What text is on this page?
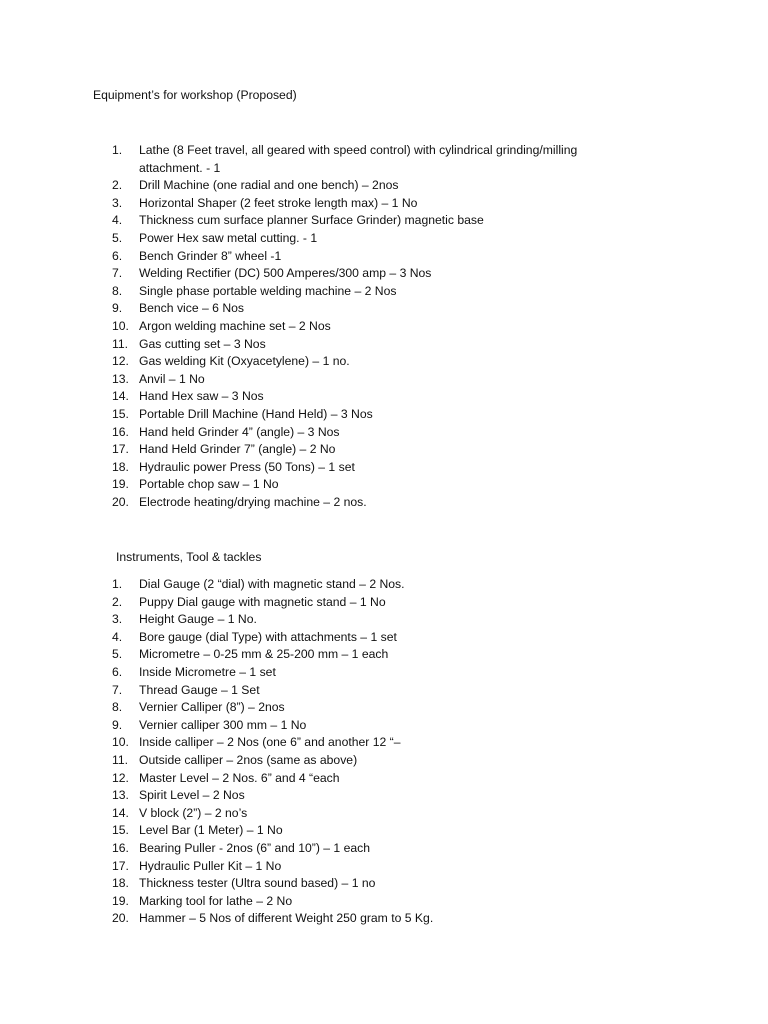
Equipment’s for workshop (Proposed)
1.	Lathe (8 Feet travel, all geared with speed control) with cylindrical grinding/milling attachment. - 1
2.	Drill Machine (one radial and one bench) – 2nos
3.	Horizontal Shaper (2 feet stroke length max) – 1 No
4.	Thickness cum surface planner Surface Grinder) magnetic base
5.	Power Hex saw metal cutting. - 1
6.	Bench Grinder 8” wheel -1
7.	Welding Rectifier (DC) 500 Amperes/300 amp – 3 Nos
8.	Single phase portable welding machine – 2 Nos
9.	Bench vice – 6 Nos
10. Argon welding machine set – 2 Nos
11. Gas cutting set – 3 Nos
12. Gas welding Kit (Oxyacetylene) – 1 no.
13. Anvil – 1 No
14. Hand Hex saw – 3 Nos
15. Portable Drill Machine (Hand Held) – 3 Nos
16. Hand held Grinder 4” (angle) – 3 Nos
17. Hand Held Grinder 7” (angle) – 2 No
18. Hydraulic power Press (50 Tons) – 1 set
19. Portable chop saw – 1 No
20. Electrode heating/drying machine – 2 nos.
Instruments, Tool & tackles
1.	Dial Gauge (2 “dial) with magnetic stand – 2 Nos.
2.	Puppy Dial gauge with magnetic stand – 1 No
3.	Height Gauge – 1 No.
4.	Bore gauge (dial Type) with attachments – 1 set
5.	Micrometre – 0-25 mm & 25-200 mm – 1 each
6.	Inside Micrometre – 1 set
7.	Thread Gauge – 1 Set
8.	Vernier Calliper (8”) – 2nos
9.	Vernier calliper 300 mm – 1 No
10. Inside calliper – 2 Nos (one 6” and another 12 “–
11. Outside calliper – 2nos (same as above)
12. Master Level – 2 Nos. 6” and 4 “each
13. Spirit Level – 2 Nos
14. V block (2”) – 2 no’s
15. Level Bar (1 Meter) – 1 No
16. Bearing Puller - 2nos (6” and 10”) – 1 each
17. Hydraulic Puller Kit – 1 No
18. Thickness tester (Ultra sound based) – 1 no
19. Marking tool for lathe – 2 No
20. Hammer – 5 Nos of different Weight 250 gram to 5 Kg.
